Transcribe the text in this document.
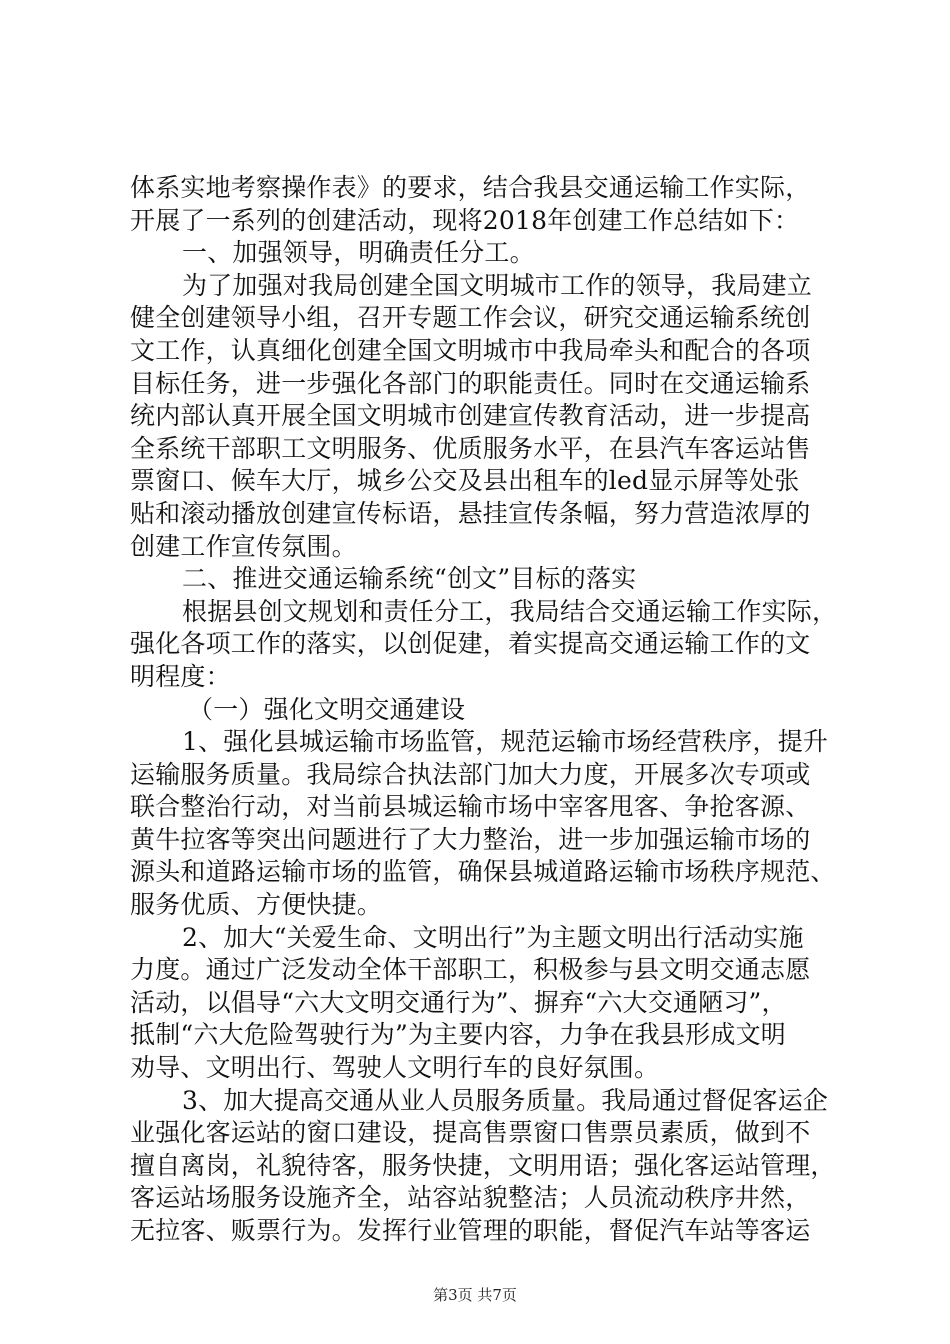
体系实地考察操作表》的要求，结合我县交通运输工作实际，
开展了一系列的创建活动，现将2018年创建工作总结如下：
一、加强领导，明确责任分工。
为了加强对我局创建全国文明城市工作的领导，我局建立
健全创建领导小组，召开专题工作会议，研究交通运输系统创
文工作，认真细化创建全国文明城市中我局牵头和配合的各项
目标任务，进一步强化各部门的职能责任。同时在交通运输系
统内部认真开展全国文明城市创建宣传教育活动，进一步提高
全系统干部职工文明服务、优质服务水平，在县汽车客运站售
票窗口、候车大厅，城乡公交及县出租车的led显示屏等处张
贴和滚动播放创建宣传标语，悬挂宣传条幅，努力营造浓厚的
创建工作宣传氛围。
二、推进交通运输系统“创文”目标的落实
根据县创文规划和责任分工，我局结合交通运输工作实际，
强化各项工作的落实，以创促建，着实提高交通运输工作的文
明程度：
（一）强化文明交通建设
1、强化县城运输市场监管，规范运输市场经营秩序，提升
运输服务质量。我局综合执法部门加大力度，开展多次专项或
联合整治行动，对当前县城运输市场中宰客甩客、争抢客源、
黄牛拉客等突出问题进行了大力整治，进一步加强运输市场的
源头和道路运输市场的监管，确保县城道路运输市场秩序规范、
服务优质、方便快捷。
2、加大“关爱生命、文明出行”为主题文明出行活动实施
力度。通过广泛发动全体干部职工，积极参与县文明交通志愿
活动，以倡导“六大文明交通行为”、摒弃“六大交通陋习”，
抵制“六大危险驾驶行为”为主要内容，力争在我县形成文明
劝导、文明出行、驾驶人文明行车的良好氛围。
3、加大提高交通从业人员服务质量。我局通过督促客运企
业强化客运站的窗口建设，提高售票窗口售票员素质，做到不
擅自离岗，礼貌待客，服务快捷，文明用语；强化客运站管理，
客运站场服务设施齐全，站容站貌整洁；人员流动秩序井然，
无拉客、贩票行为。发挥行业管理的职能，督促汽车站等客运
第3页 共7页
